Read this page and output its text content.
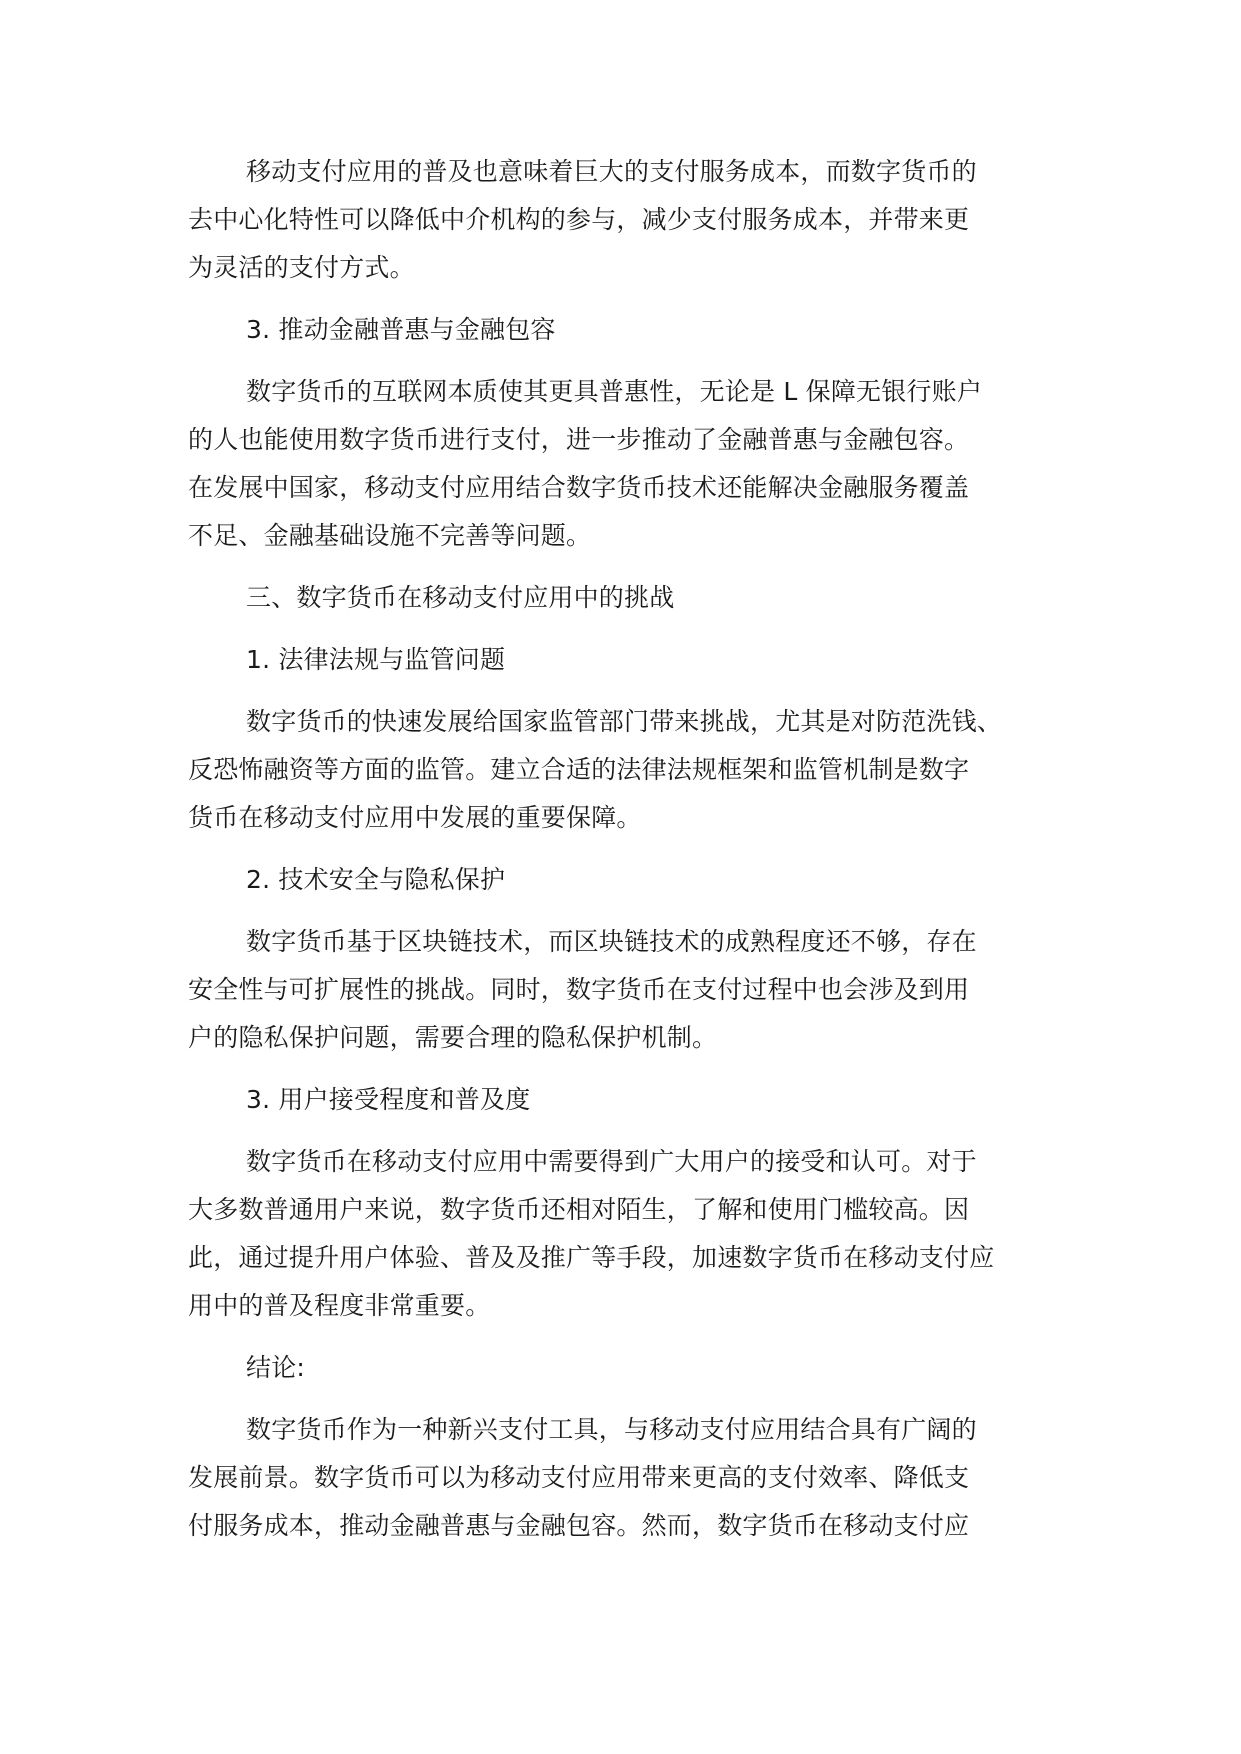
移动支付应用的普及也意味着巨大的支付服务成本，而数字货币的
去中心化特性可以降低中介机构的参与，减少支付服务成本，并带来更
为灵活的支付方式。

3. 推动金融普惠与金融包容

数字货币的互联网本质使其更具普惠性，无论是 L 保障无银行账户
的人也能使用数字货币进行支付，进一步推动了金融普惠与金融包容。
在发展中国家，移动支付应用结合数字货币技术还能解决金融服务覆盖
不足、金融基础设施不完善等问题。

三、数字货币在移动支付应用中的挑战

1. 法律法规与监管问题

数字货币的快速发展给国家监管部门带来挑战，尤其是对防范洗钱、
反恐怖融资等方面的监管。建立合适的法律法规框架和监管机制是数字
货币在移动支付应用中发展的重要保障。

2. 技术安全与隐私保护

数字货币基于区块链技术，而区块链技术的成熟程度还不够，存在
安全性与可扩展性的挑战。同时，数字货币在支付过程中也会涉及到用
户的隐私保护问题，需要合理的隐私保护机制。

3. 用户接受程度和普及度

数字货币在移动支付应用中需要得到广大用户的接受和认可。对于
大多数普通用户来说，数字货币还相对陌生，了解和使用门槛较高。因
此，通过提升用户体验、普及及推广等手段，加速数字货币在移动支付应
用中的普及程度非常重要。

结论:

数字货币作为一种新兴支付工具，与移动支付应用结合具有广阔的
发展前景。数字货币可以为移动支付应用带来更高的支付效率、降低支
付服务成本，推动金融普惠与金融包容。然而，数字货币在移动支付应
